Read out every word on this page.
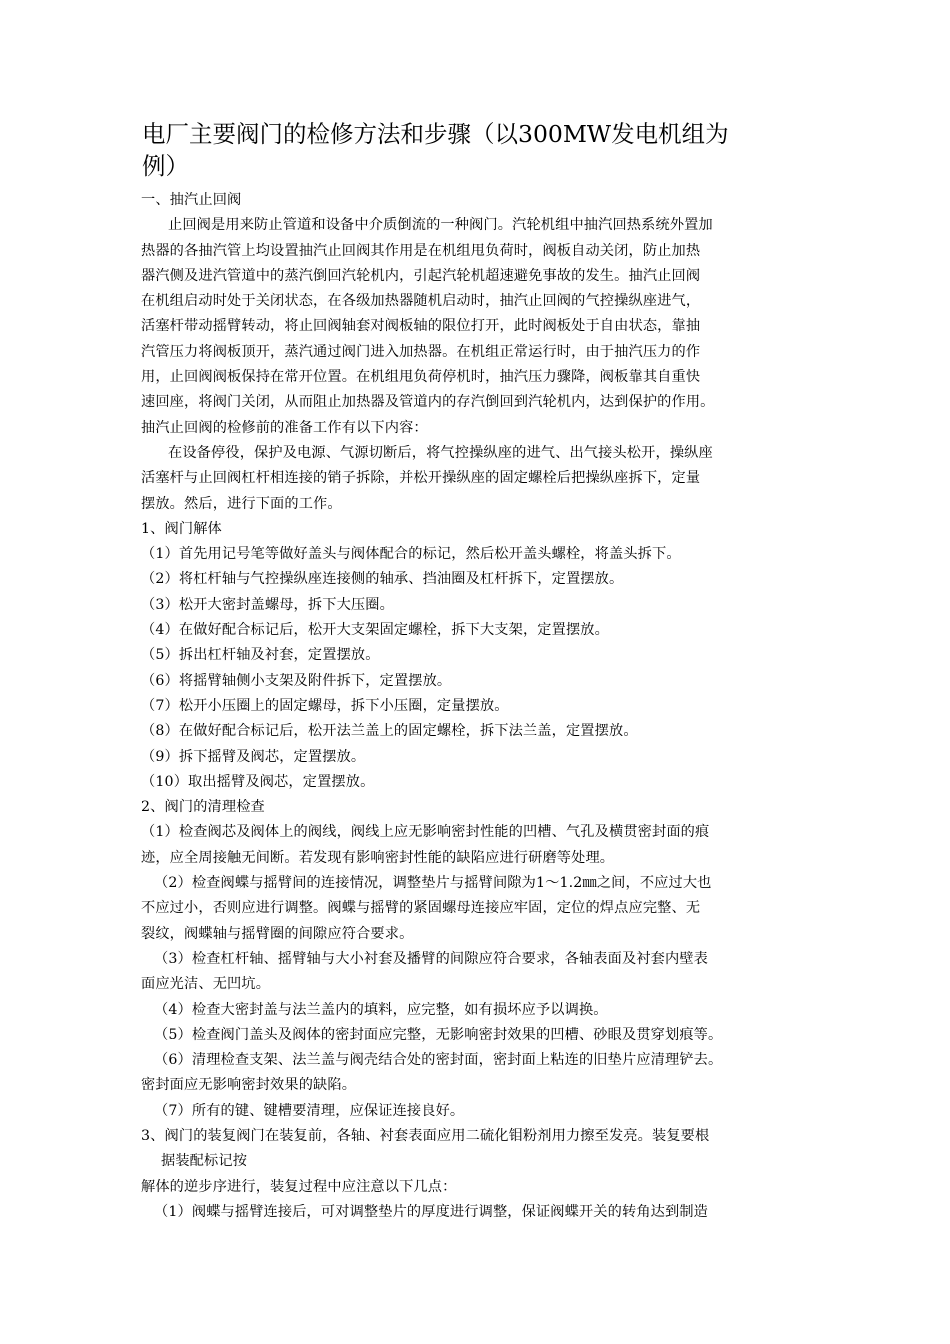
电厂主要阀门的检修方法和步骤（以300MW发电机组为
例）
一、抽汽止回阀
止回阀是用来防止管道和设备中介质倒流的一种阀门。汽轮机组中抽汽回热系统外置加
热器的各抽汽管上均设置抽汽止回阀其作用是在机组甩负荷时，阀板自动关闭，防止加热
器汽侧及进汽管道中的蒸汽倒回汽轮机内，引起汽轮机超速避免事故的发生。抽汽止回阀
在机组启动时处于关闭状态，在各级加热器随机启动时，抽汽止回阀的气控操纵座进气，
活塞杆带动摇臂转动，将止回阀轴套对阀板轴的限位打开，此时阀板处于自由状态，靠抽
汽管压力将阀板顶开，蒸汽通过阀门进入加热器。在机组正常运行时，由于抽汽压力的作
用，止回阀阀板保持在常开位置。在机组甩负荷停机时，抽汽压力骤降，阀板靠其自重快
速回座，将阀门关闭，从而阻止加热器及管道内的存汽倒回到汽轮机内，达到保护的作用。
抽汽止回阀的检修前的准备工作有以下内容：
在设备停役，保护及电源、气源切断后，将气控操纵座的进气、出气接头松开，操纵座
活塞杆与止回阀杠杆相连接的销子拆除，并松开操纵座的固定螺栓后把操纵座拆下，定量
摆放。然后，进行下面的工作。
1、阀门解体
（1）首先用记号笔等做好盖头与阀体配合的标记，然后松开盖头螺栓，将盖头拆下。
（2）将杠杆轴与气控操纵座连接侧的轴承、挡油圈及杠杆拆下，定置摆放。
（3）松开大密封盖螺母，拆下大压圈。
（4）在做好配合标记后，松开大支架固定螺栓，拆下大支架，定置摆放。
（5）拆出杠杆轴及衬套，定置摆放。
（6）将摇臂轴侧小支架及附件拆下，定置摆放。
（7）松开小压圈上的固定螺母，拆下小压圈，定量摆放。
（8）在做好配合标记后，松开法兰盖上的固定螺栓，拆下法兰盖，定置摆放。
（9）拆下摇臂及阀芯，定置摆放。
（10）取出摇臂及阀芯，定置摆放。
2、阀门的清理检查
（1）检查阀芯及阀体上的阀线，阀线上应无影响密封性能的凹槽、气孔及横贯密封面的痕
迹，应全周接触无间断。若发现有影响密封性能的缺陷应进行研磨等处理。
（2）检查阀蝶与摇臂间的连接情况，调整垫片与摇臂间隙为1～1.2㎜之间，不应过大也
不应过小，否则应进行调整。阀蝶与摇臂的紧固螺母连接应牢固，定位的焊点应完整、无
裂纹，阀蝶轴与摇臂圈的间隙应符合要求。
（3）检查杠杆轴、摇臂轴与大小衬套及播臂的间隙应符合要求，各轴表面及衬套内壁表
面应光洁、无凹坑。
（4）检查大密封盖与法兰盖内的填料，应完整，如有损坏应予以调换。
（5）检查阀门盖头及阀体的密封面应完整，无影响密封效果的凹槽、砂眼及贯穿划痕等。
（6）清理检查支架、法兰盖与阀壳结合处的密封面，密封面上粘连的旧垫片应清理铲去。
密封面应无影响密封效果的缺陷。
（7）所有的键、键槽要清理，应保证连接良好。
3、阀门的装复阀门在装复前，各轴、衬套表面应用二硫化钼粉剂用力擦至发亮。装复要根
据装配标记按
解体的逆步序进行，装复过程中应注意以下几点：
（1）阀蝶与摇臂连接后，可对调整垫片的厚度进行调整，保证阀蝶开关的转角达到制造
